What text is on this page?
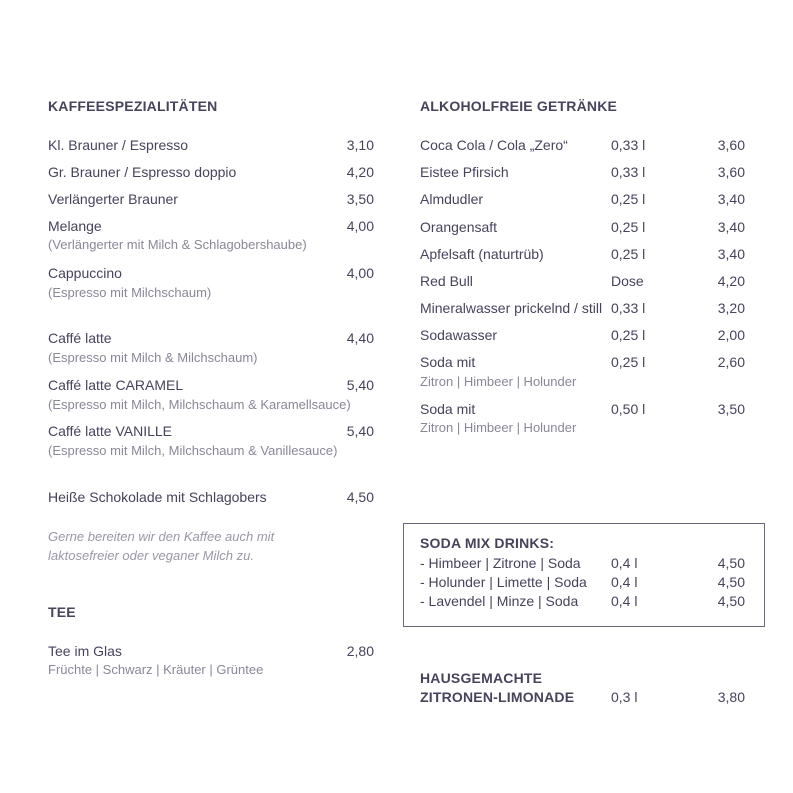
KAFFEESPEZIALITÄTEN
Kl. Brauner / Espresso	3,10
Gr. Brauner / Espresso doppio	4,20
Verlängerter Brauner	3,50
Melange	4,00
(Verlängerter mit Milch & Schlagobershaube)
Cappuccino	4,00
(Espresso mit Milchschaum)
Caffé latte	4,40
(Espresso mit Milch & Milchschaum)
Caffé latte CARAMEL	5,40
(Espresso mit Milch, Milchschaum & Karamellsauce)
Caffé latte VANILLE	5,40
(Espresso mit Milch, Milchschaum & Vanillesauce)
Heiße Schokolade mit Schlagobers	4,50
Gerne bereiten wir den Kaffee auch mit
laktosefreier oder veganer Milch zu.
TEE
Tee im Glas	2,80
Früchte | Schwarz | Kräuter | Grüntee
ALKOHOLFREIE GETRÄNKE
Coca Cola / Cola „Zero“	0,33 l	3,60
Eistee Pfirsich	0,33 l	3,60
Almdudler	0,25 l	3,40
Orangensaft	0,25 l	3,40
Apfelsaft (naturtrüb)	0,25 l	3,40
Red Bull	Dose	4,20
Mineralwasser prickelnd / still 0,33 l	3,20
Sodawasser	0,25 l	2,00
Soda mit	0,25 l	2,60
Zitron | Himbeer | Holunder
Soda mit	0,50 l	3,50
Zitron | Himbeer | Holunder
SODA MIX DRINKS:
- Himbeer | Zitrone | Soda 0,4 l	4,50
- Holunder | Limette | Soda 0,4 l	4,50
- Lavendel | Minze | Soda 0,4 l	4,50
HAUSGEMACHTE
ZITRONEN-LIMONADE	0,3 l	3,80
